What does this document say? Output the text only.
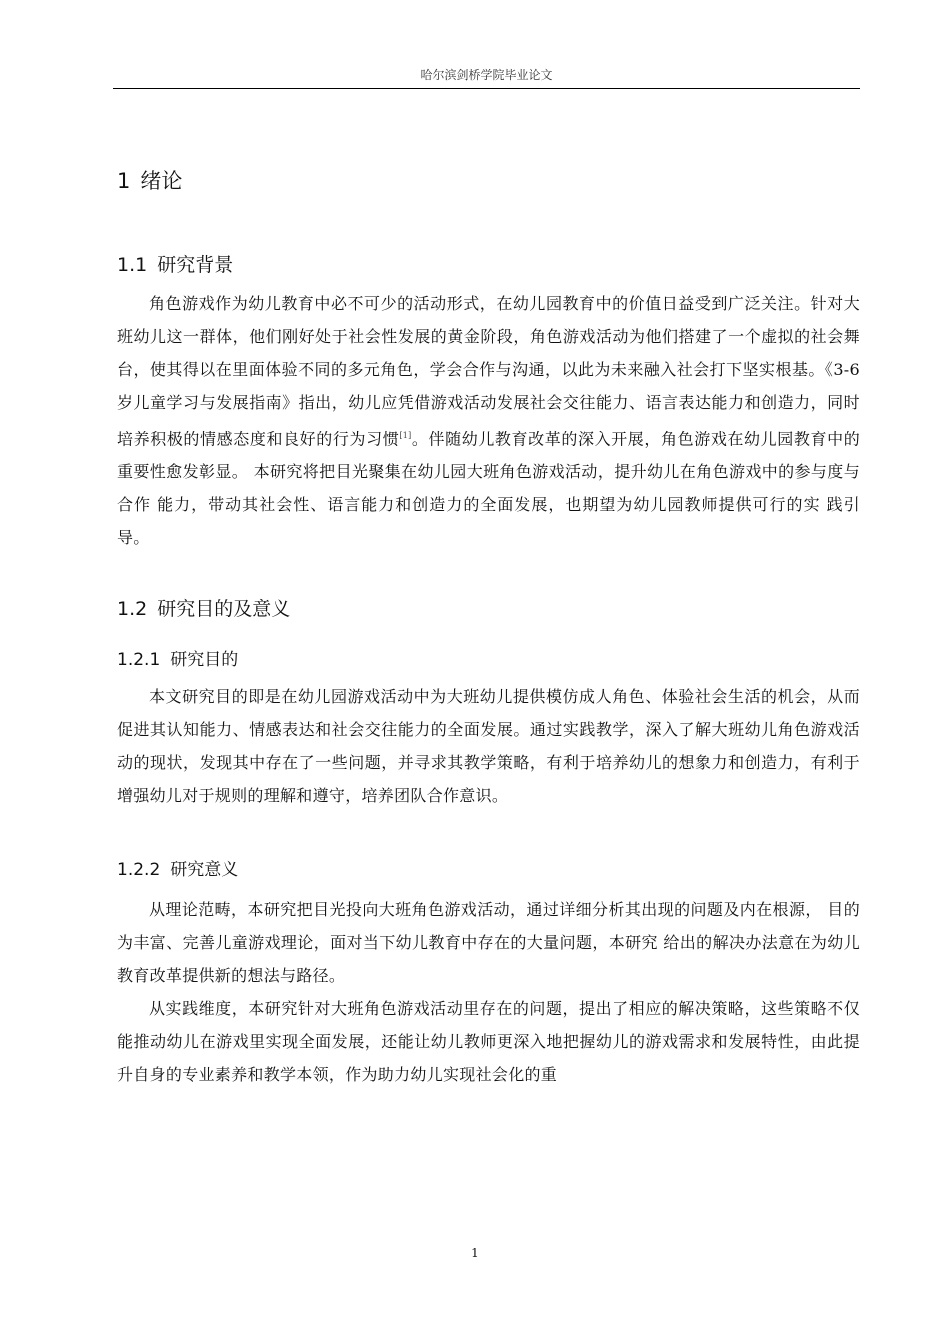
哈尔滨剑桥学院毕业论文
1 绪论
1.1 研究背景

角色游戏作为幼儿教育中必不可少的活动形式，在幼儿园教育中的价值日益受到广泛关注。针对大班幼儿这一群体，他们刚好处于社会性发展的黄金阶段，角色游戏活动为他们搭建了一个虚拟的社会舞台，使其得以在里面体验不同的多元角色，学会合作与沟通，以此为未来融入社会打下坚实根基。《3-6 岁儿童学习与发展指南》指出，幼儿应凭借游戏活动发展社会交往能力、语言表达能力和创造力，同时培养积极的情感态度和良好的行为习惯[1]。伴随幼儿教育改革的深入开展，角色游戏在幼儿园教育中的重要性愈发彰显。 本研究将把目光聚集在幼儿园大班角色游戏活动，提升幼儿在角色游戏中的参与度与合作 能力，带动其社会性、语言能力和创造力的全面发展，也期望为幼儿园教师提供可行的实 践引导。

1.2 研究目的及意义
1.2.1 研究目的

本文研究目的即是在幼儿园游戏活动中为大班幼儿提供模仿成人角色、体验社会生活的机会，从而促进其认知能力、情感表达和社会交往能力的全面发展。通过实践教学，深入了解大班幼儿角色游戏活动的现状，发现其中存在了一些问题，并寻求其教学策略，有利于培养幼儿的想象力和创造力，有利于增强幼儿对于规则的理解和遵守，培养团队合作意识。

1.2.2 研究意义

从理论范畴，本研究把目光投向大班角色游戏活动，通过详细分析其出现的问题及内在根源， 目的为丰富、完善儿童游戏理论，面对当下幼儿教育中存在的大量问题，本研究 给出的解决办法意在为幼儿教育改革提供新的想法与路径。

从实践维度，本研究针对大班角色游戏活动里存在的问题，提出了相应的解决策略，这些策略不仅能推动幼儿在游戏里实现全面发展，还能让幼儿教师更深入地把握幼儿的游戏需求和发展特性，由此提升自身的专业素养和教学本领，作为助力幼儿实现社会化的重

1
